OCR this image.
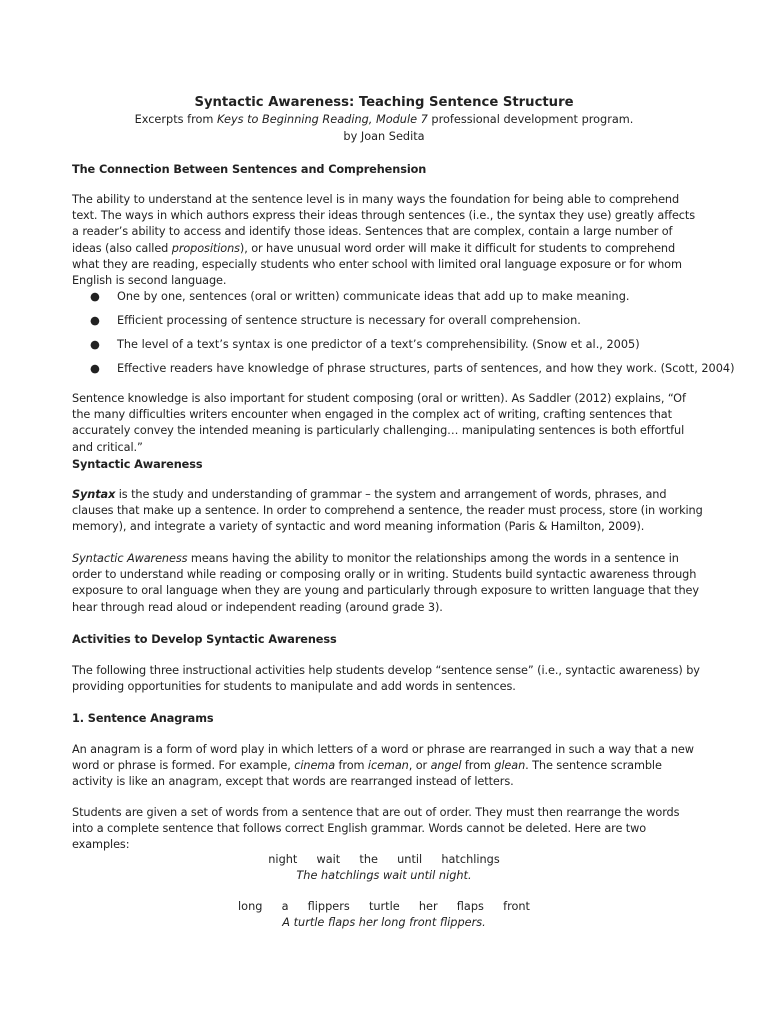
Syntactic Awareness: Teaching Sentence Structure
Excerpts from Keys to Beginning Reading, Module 7 professional development program.
by Joan Sedita
The Connection Between Sentences and Comprehension
The ability to understand at the sentence level is in many ways the foundation for being able to comprehend text. The ways in which authors express their ideas through sentences (i.e., the syntax they use) greatly affects a reader’s ability to access and identify those ideas. Sentences that are complex, contain a large number of ideas (also called propositions), or have unusual word order will make it difficult for students to comprehend what they are reading, especially students who enter school with limited oral language exposure or for whom English is second language.
● One by one, sentences (oral or written) communicate ideas that add up to make meaning.
● Efficient processing of sentence structure is necessary for overall comprehension.
● The level of a text’s syntax is one predictor of a text’s comprehensibility. (Snow et al., 2005)
● Effective readers have knowledge of phrase structures, parts of sentences, and how they work. (Scott, 2004)
Sentence knowledge is also important for student composing (oral or written). As Saddler (2012) explains, “Of the many difficulties writers encounter when engaged in the complex act of writing, crafting sentences that accurately convey the intended meaning is particularly challenging… manipulating sentences is both effortful and critical.”
Syntactic Awareness
Syntax is the study and understanding of grammar – the system and arrangement of words, phrases, and clauses that make up a sentence. In order to comprehend a sentence, the reader must process, store (in working memory), and integrate a variety of syntactic and word meaning information (Paris & Hamilton, 2009).
Syntactic Awareness means having the ability to monitor the relationships among the words in a sentence in order to understand while reading or composing orally or in writing. Students build syntactic awareness through exposure to oral language when they are young and particularly through exposure to written language that they hear through read aloud or independent reading (around grade 3).
Activities to Develop Syntactic Awareness
The following three instructional activities help students develop “sentence sense” (i.e., syntactic awareness) by providing opportunities for students to manipulate and add words in sentences.
1. Sentence Anagrams
An anagram is a form of word play in which letters of a word or phrase are rearranged in such a way that a new word or phrase is formed. For example, cinema from iceman, or angel from glean. The sentence scramble activity is like an anagram, except that words are rearranged instead of letters.
Students are given a set of words from a sentence that are out of order. They must then rearrange the words into a complete sentence that follows correct English grammar. Words cannot be deleted. Here are two examples:
night  wait  the  until  hatchlings
The hatchlings wait until night.
long  a  flippers  turtle  her  flaps  front
A turtle flaps her long front flippers.
